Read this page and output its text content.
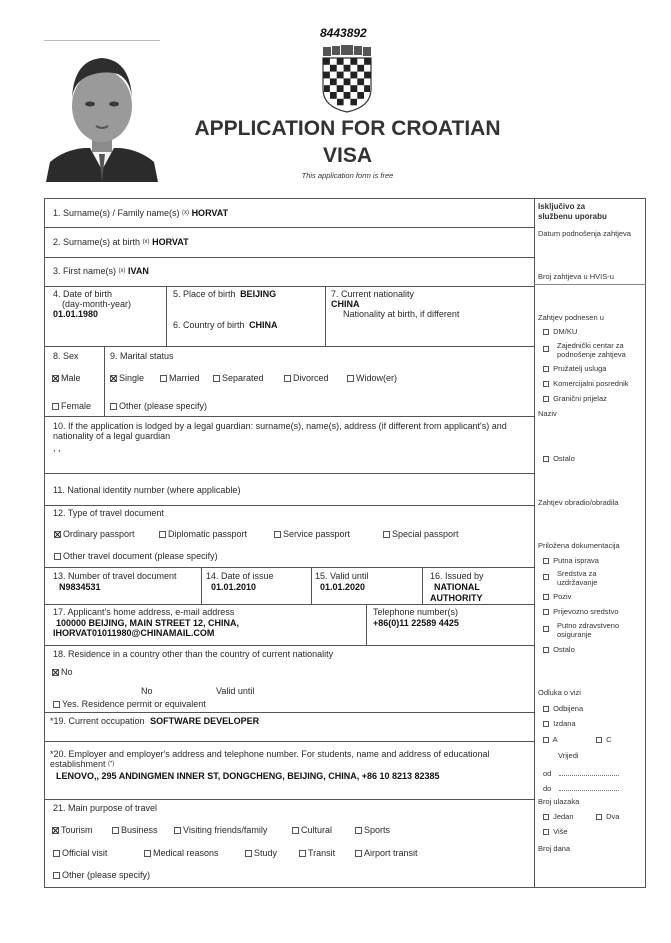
8443892
APPLICATION FOR CROATIAN
VISA
This application form is free
1. Surname(s) / Family name(s) $^{(x)}$ HORVAT
2. Surname(s) at birth $^{(x)}$ HORVAT
3. First name(s) $^{(x)}$ IVAN
4. Date of birth
(day-month-year)
01.01.1980
5. Place of birth BEIJING
6. Country of birth CHINA
7. Current nationality
CHINA
Nationality at birth, if different
8. Sex
Male
Female
9. Marital status
Single	Married	Separated	Divorced	Widow(er)
Other (please specify)
10. If the application is lodged by a legal guardian: surname(s), name(s), address (if different from applicant's) and nationality of a legal guardian
, ,
11. National identity number (where applicable)
12. Type of travel document
Ordinary passport	Diplomatic passport	Service passport	Special passport
Other travel document (please specify)
13. Number of travel document
N9834531
14. Date of issue
01.01.2010
15. Valid until
01.01.2020
16. Issued by
NATIONAL
AUTHORITY
17. Applicant's home address, e-mail address
100000 BEIJING, MAIN STREET 12, CHINA,
IHORVAT01011980@CHINAMAIL.COM
Telephone number(s)
+86(0)11 22589 4425
18. Residence in a country other than the country of current nationality
No
No	Valid until
Yes. Residence permit or equivalent
*19. Current occupation SOFTWARE DEVELOPER
*20. Employer and employer's address and telephone number. For students, name and address of educational establishment (*)
LENOVO,, 295 ANDINGMEN INNER ST, DONGCHENG, BEIJING, CHINA, +86 10 8213 82385
21. Main purpose of travel
Tourism	Business	Visiting friends/family	Cultural	Sports
Official visit	Medical reasons	Study	Transit	Airport transit
Other (please specify)
Isključivo za
službenu uporabu
Datum podnošenja zahtjeva
Broj zahtjeva u HVIS-u
Zahtjev podnesen u
DM/KU
Zajednički centar za
podnošenje zahtjeva
Pružatelj usluga
Komercijalni posrednik
Granični prijelaz
Naziv
Ostalo
Zahtjev obradio/obradila
Priložena dokumentacija
Putna isprava
Sredstva za
uzdržavanje
Poziv
Prijevozno sredstvo
Putno zdravstveno
osiguranje
Ostalo
Odluka o vizi
Odbijena
Izdana
A	C
Vrijedi
od
do
Broj ulazaka
Jedan	Dva
Više
Broj dana
